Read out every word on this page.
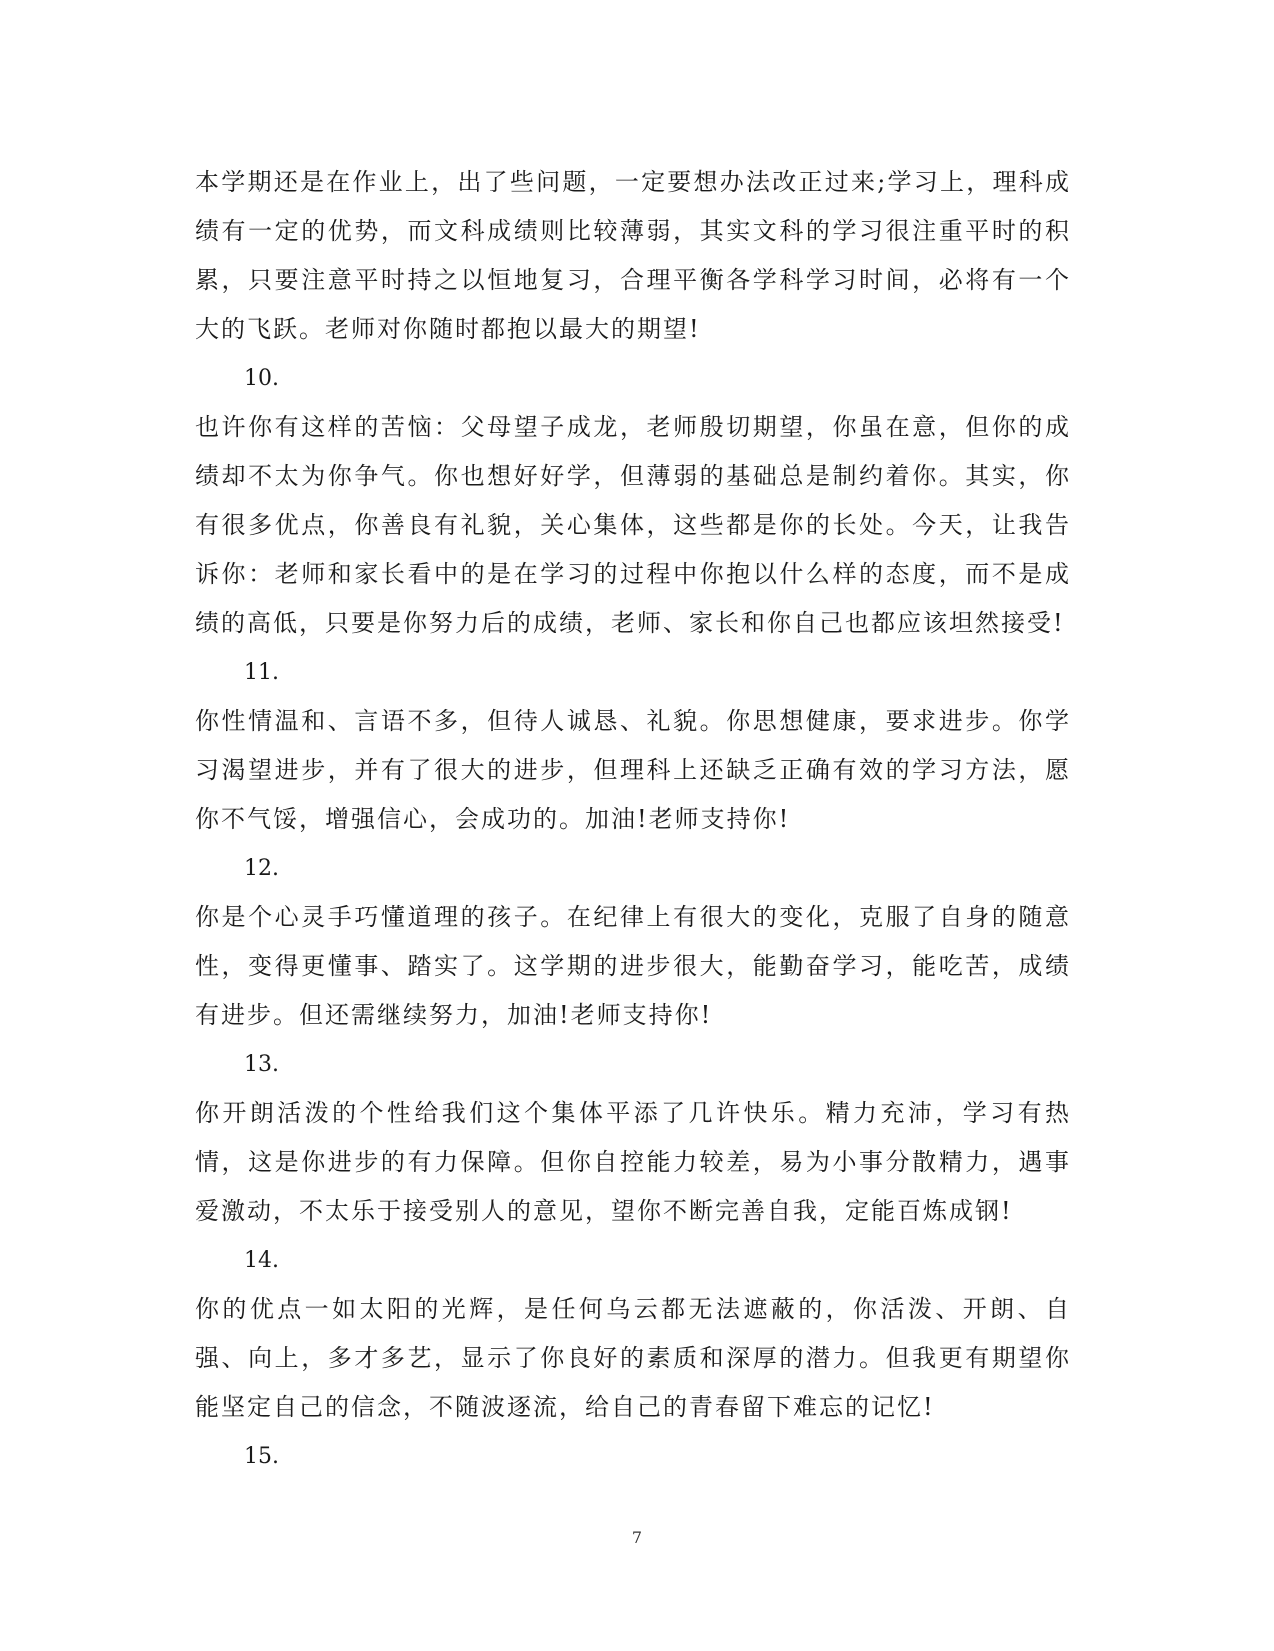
本学期还是在作业上，出了些问题，一定要想办法改正过来;学习上，理科成绩有一定的优势，而文科成绩则比较薄弱，其实文科的学习很注重平时的积累，只要注意平时持之以恒地复习，合理平衡各学科学习时间，必将有一个大的飞跃。老师对你随时都抱以最大的期望!

10.

也许你有这样的苦恼：父母望子成龙，老师殷切期望，你虽在意，但你的成绩却不太为你争气。你也想好好学，但薄弱的基础总是制约着你。其实，你有很多优点，你善良有礼貌，关心集体，这些都是你的长处。今天，让我告诉你：老师和家长看中的是在学习的过程中你抱以什么样的态度，而不是成绩的高低，只要是你努力后的成绩，老师、家长和你自己也都应该坦然接受!

11.

你性情温和、言语不多，但待人诚恳、礼貌。你思想健康，要求进步。你学习渴望进步，并有了很大的进步，但理科上还缺乏正确有效的学习方法，愿你不气馁，增强信心，会成功的。加油!老师支持你!

12.

你是个心灵手巧懂道理的孩子。在纪律上有很大的变化，克服了自身的随意性，变得更懂事、踏实了。这学期的进步很大，能勤奋学习，能吃苦，成绩有进步。但还需继续努力，加油!老师支持你!

13.

你开朗活泼的个性给我们这个集体平添了几许快乐。精力充沛，学习有热情，这是你进步的有力保障。但你自控能力较差，易为小事分散精力，遇事爱激动，不太乐于接受别人的意见，望你不断完善自我，定能百炼成钢!

14.

你的优点一如太阳的光辉，是任何乌云都无法遮蔽的，你活泼、开朗、自强、向上，多才多艺，显示了你良好的素质和深厚的潜力。但我更有期望你能坚定自己的信念，不随波逐流，给自己的青春留下难忘的记忆!

15.

7
